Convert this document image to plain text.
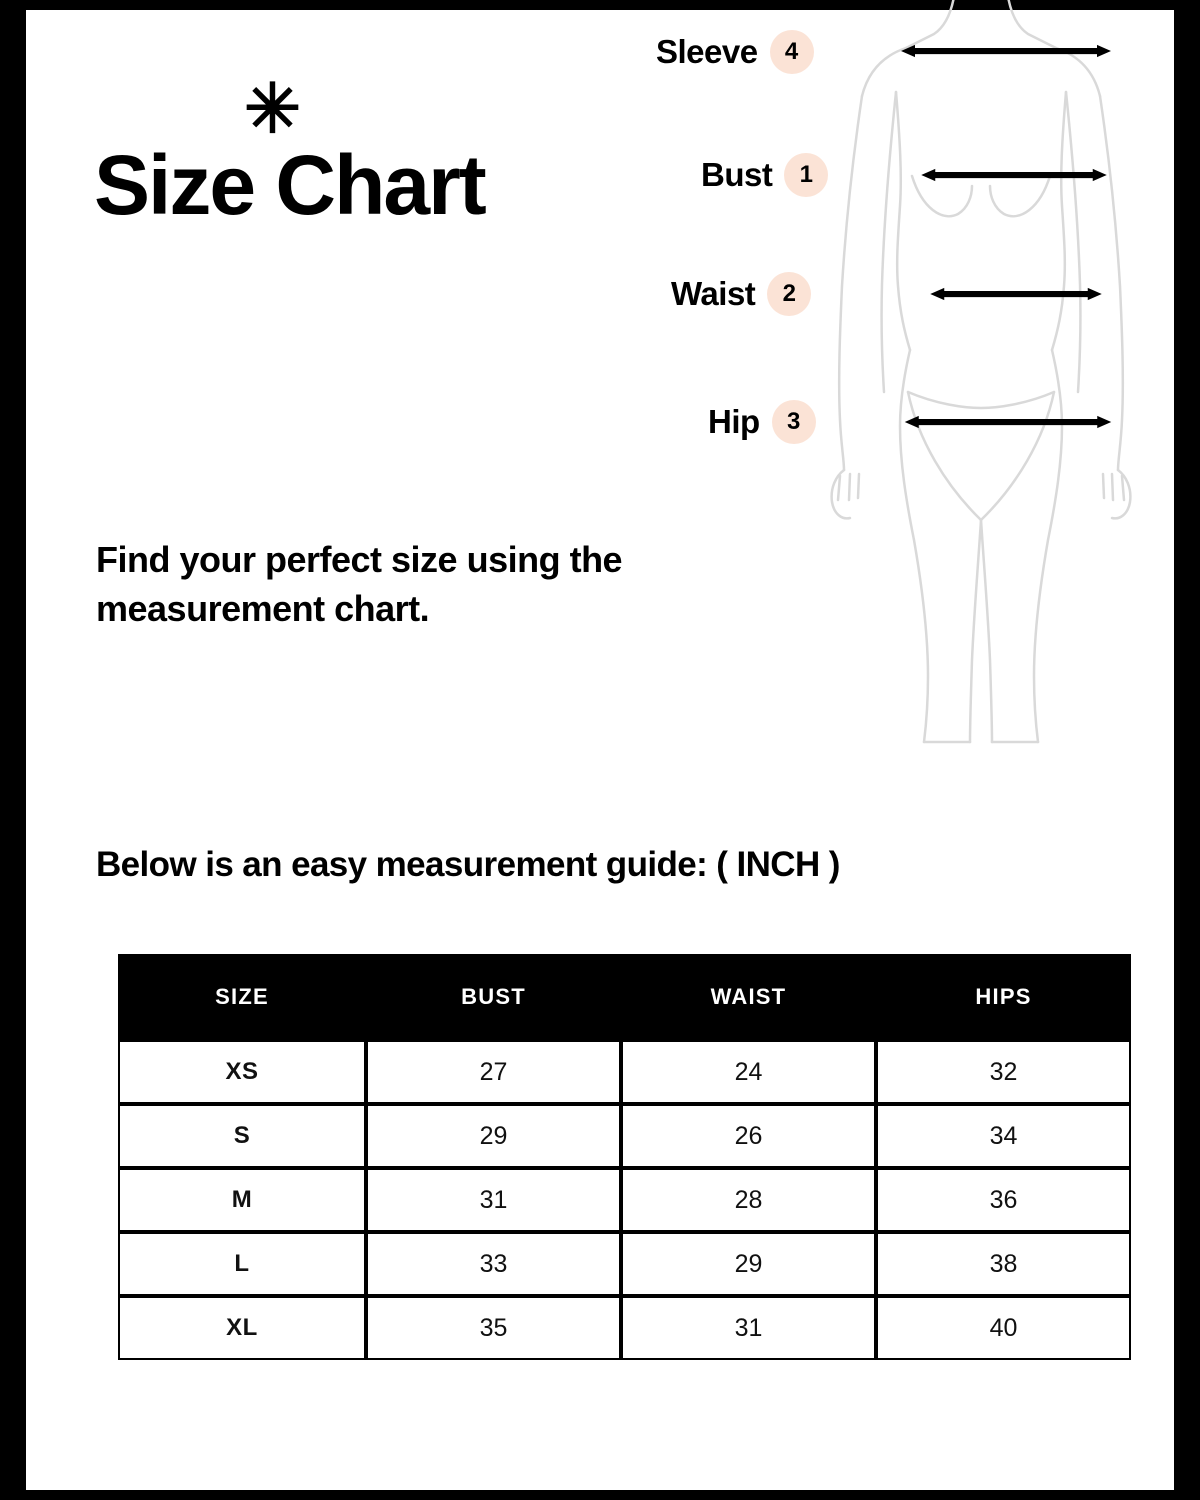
✳
Size Chart
Find your perfect size using the measurement chart.
Below is an easy measurement guide: ( INCH )
Sleeve	4
Bust	1
Waist	2
Hip	3
SIZE	BUST	WAIST	HIPS
XS	27	24	32
S	29	26	34
M	31	28	36
L	33	29	38
XL	35	31	40
